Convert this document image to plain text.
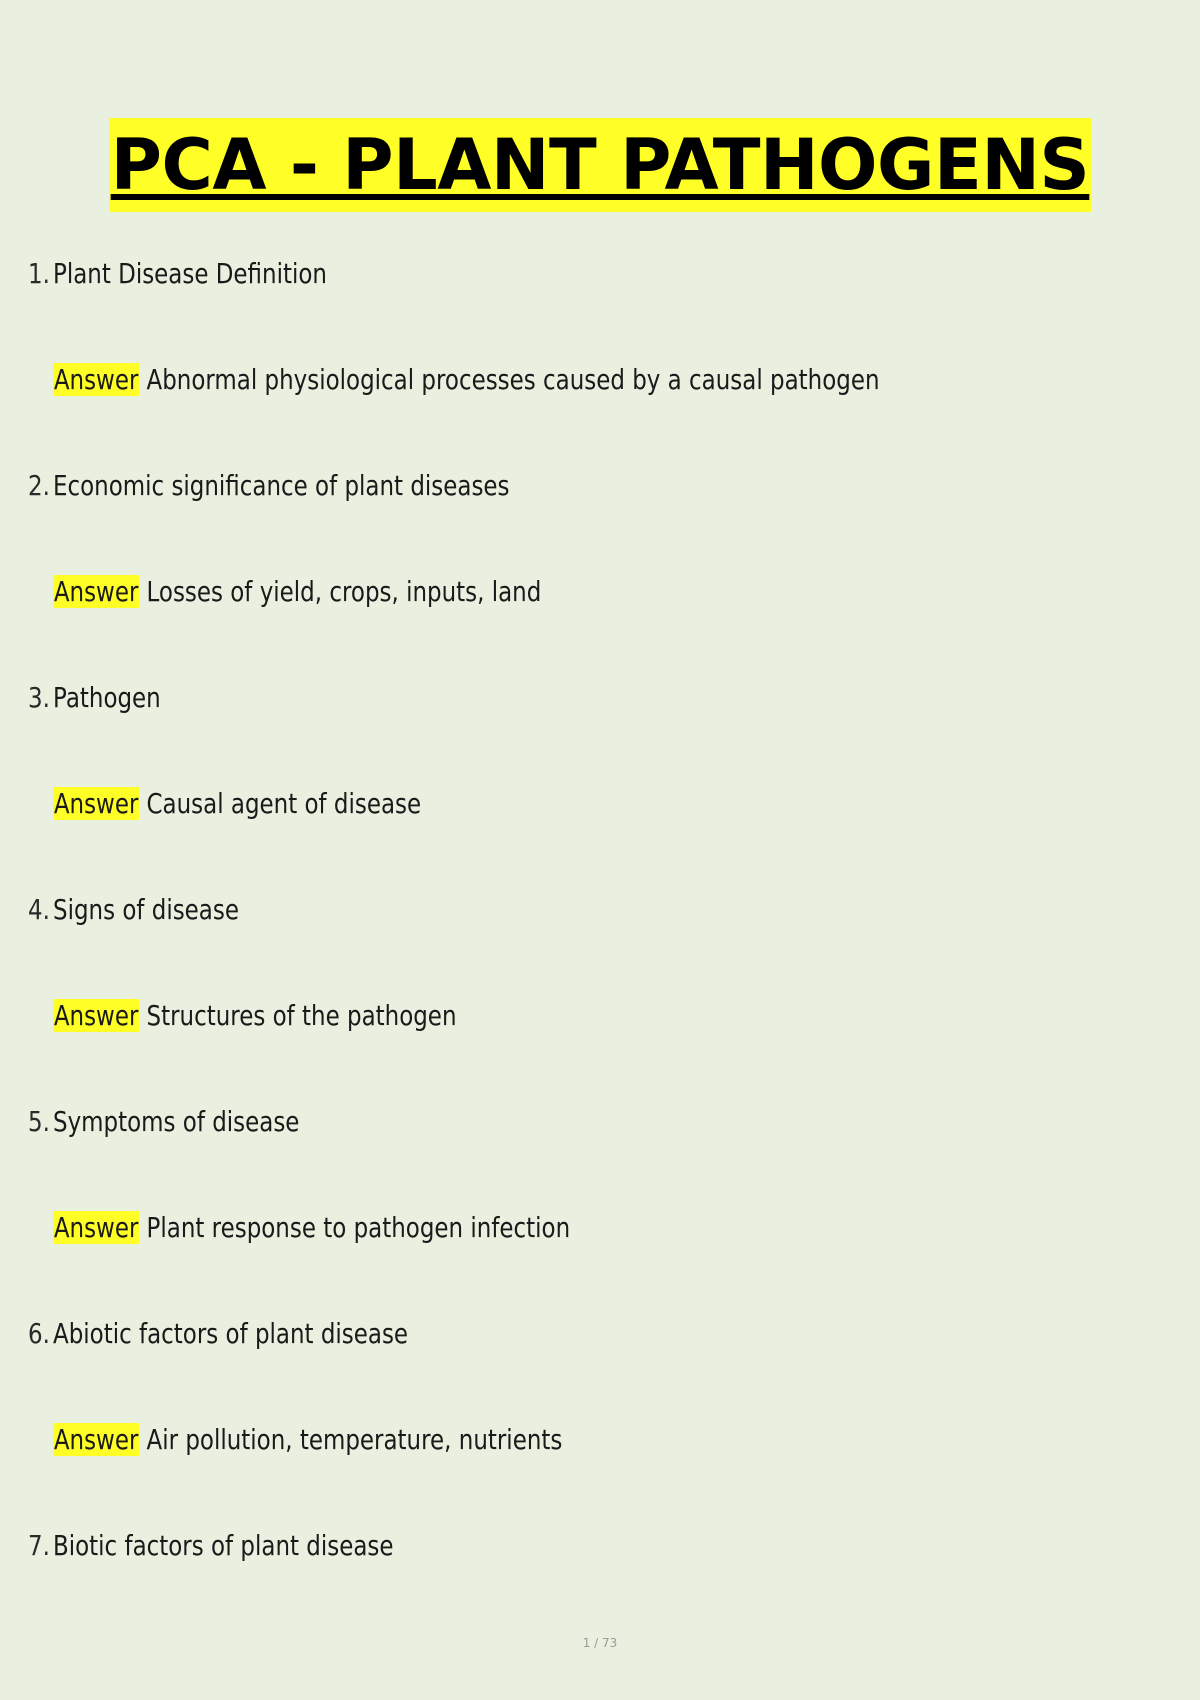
PCA - PLANT PATHOGENS
1. Plant Disease Definition
Answer Abnormal physiological processes caused by a causal pathogen
2. Economic significance of plant diseases
Answer Losses of yield, crops, inputs, land
3. Pathogen
Answer Causal agent of disease
4. Signs of disease
Answer Structures of the pathogen
5. Symptoms of disease
Answer Plant response to pathogen infection
6. Abiotic factors of plant disease
Answer Air pollution, temperature, nutrients
7. Biotic factors of plant disease
1 / 73
